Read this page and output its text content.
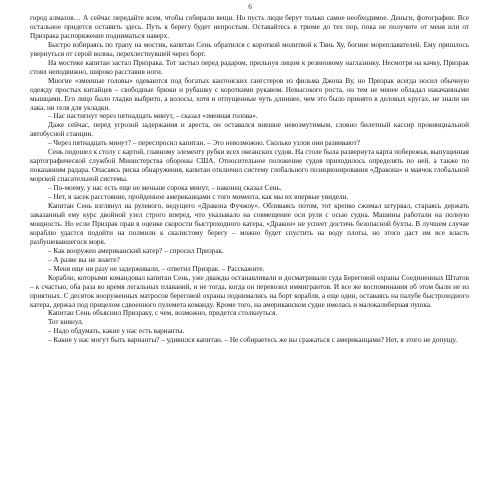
6

город алмазов… А сейчас передайте всем, чтобы собирали вещи. Но пусть люди берут только самое необходимое. Деньги, фотографии. Все остальное придется оставить здесь. Путь к берегу будет непростым. Оставайтесь в трюме до тех пор, пока не получите от меня или от Призрака распоряжение подниматься наверх.

Быстро взбираясь по трапу на мостик, капитан Сень обратился с короткой молитвой к Тянь Ху, богине мореплавателей. Ему пришлось увернуться от серой волны, перехлестнувшей через борт.

На мостике капитан застал Призрака. Тот застыл перед радаром, прильнув лицом к резиновому наглазнику. Несмотря на качку, Призрак стоял неподвижно, широко расставив ноги.

Многие «змеиные головы» одеваются под богатых кантонских гангстеров из фильма Джона Ву, но Призрак всегда носил обычную одежду простых китайцев – свободные брюки и рубашку с короткими рукавом. Невысокого роста, он тем не менее обладал накачанными мышцами. Его лицо было гладко выбрито, а волосы, хотя и отпущенные чуть длиннее, чем это было принято в деловых кругах, не знали ни лака, ни геля для укладки.

– Нас настигнут через пятнадцать минут, – сказал «змеиная голова».

Даже сейчас, перед угрозой задержания и ареста, он оставался внешне невозмутимым, словно билетный кассир провинциальной автобусной станции.

– Через пятнадцать минут? – переспросил капитан. – Это невозможно. Сколько узлов они развивают?

Сень подошел к столу с картой, главному элементу рубки всех океанских судов. На столе была развернута карта побережья, выпущенная картографической службой Министерства обороны США. Относительное положение судов приходилось определять по ней, а также по показаниям радара. Опасаясь риска обнаружения, капитан отключил систему глобального позиционирования «Дракона» и маячок глобальной морской спасательной системы.

– По-моему, у нас есть еще не меньше сорока минут, – наконец сказал Сень.

– Нет, я засек расстояние, пройденное американцами с того момента, как мы их впервые увидели.

Капитан Сень взглянул на рулевого, ведущего «Дракона Фучжоу». Обливаясь по́том, тот крепко сжимал штурвал, стараясь держать заказанный ему курс двойной узел строго вперед, что указывало на совмещение оси руля с осью судна. Машины работали на полную мощность. Но если Призрак прав в оценке скорости быстроходного катера, «Дракон» не успеет достичь безопасной бухты. В лучшем случае кораблю удастся подойти на полмили к скалистому берегу – можно будет спустить на воду плоты, но этого даст им все власть разбушевавшегося моря.

– Как вооружен американский катер? – спросил Призрак.

– А разве вы не знаете?

– Меня еще ни разу не задерживали, – ответил Призрак. – Расскажите.

Корабли, которыми командовал капитан Сень, уже дважды останавливали и досматривали суда Береговой охраны Соединенных Штатов – к счастью, оба раза во время легальных плаваний, и не тогда, когда он перевозил иммигрантов. И все же воспоминания об этом были не из приятных. С десяток вооруженных матросов береговой охраны поднимались на борт корабля, а еще один, оставаясь на палубе быстроходного катера, держал под прицелом сдвоенного пулемета команду. Кроме того, на американском судне имелась и малокалиберная пушка.

Капитан Сень объяснил Призраку, с чем, возможно, придется столкнуться.

Тот кивнул.

– Надо обдумать, какие у нас есть варианты.

– Какие у нас могут быть варианты? – удивился капитан. – Не собираетесь же вы сражаться с американцами? Нет, я этого не допущу.
